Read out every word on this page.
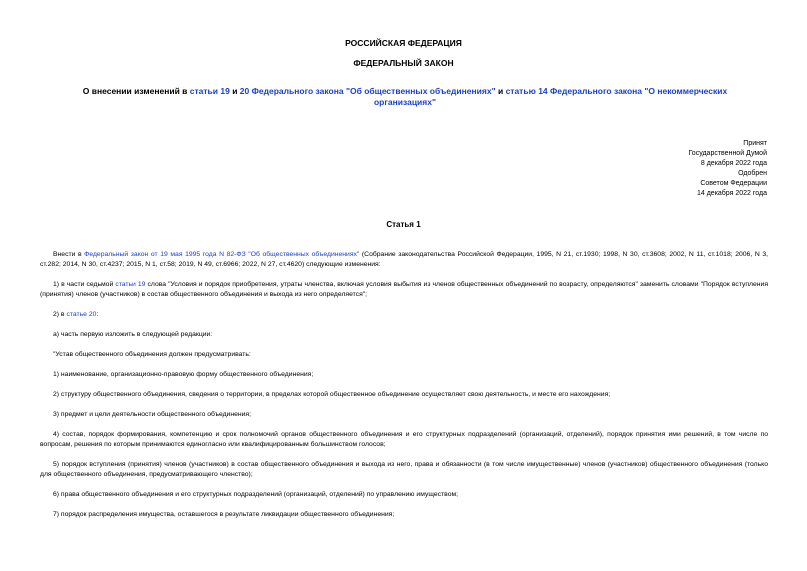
РОССИЙСКАЯ ФЕДЕРАЦИЯ
ФЕДЕРАЛЬНЫЙ ЗАКОН
О внесении изменений в статьи 19 и 20 Федерального закона "Об общественных объединениях" и статью 14 Федерального закона "О некоммерческих организациях"
Принят
Государственной Думой
8 декабря 2022 года
Одобрен
Советом Федерации
14 декабря 2022 года
Статья 1

Внести в Федеральный закон от 19 мая 1995 года N 82-ФЗ "Об общественных объединениях" (Собрание законодательства Российской Федерации, 1995, N 21, ст.1930; 1998, N 30, ст.3608; 2002, N 11, ст.1018; 2006, N 3, ст.282; 2014, N 30, ст.4237; 2015, N 1, ст.58; 2019, N 49, ст.6966; 2022, N 27, ст.4620) следующие изменения:

1) в части седьмой статьи 19 слова "Условия и порядок приобретения, утраты членства, включая условия выбытия из членов общественных объединений по возрасту, определяются" заменить словами "Порядок вступления (принятия) членов (участников) в состав общественного объединения и выхода из него определяется";

2) в статье 20:

а) часть первую изложить в следующей редакции:

"Устав общественного объединения должен предусматривать:

1) наименование, организационно-правовую форму общественного объединения;

2) структуру общественного объединения, сведения о территории, в пределах которой общественное объединение осуществляет свою деятельность, и месте его нахождения;

3) предмет и цели деятельности общественного объединения;

4) состав, порядок формирования, компетенцию и срок полномочий органов общественного объединения и его структурных подразделений (организаций, отделений), порядок принятия ими решений, в том числе по вопросам, решения по которым принимаются единогласно или квалифицированным большинством голосов;

5) порядок вступления (принятия) членов (участников) в состав общественного объединения и выхода из него, права и обязанности (в том числе имущественные) членов (участников) общественного объединения (только для общественного объединения, предусматривающего членство);

6) права общественного объединения и его структурных подразделений (организаций, отделений) по управлению имуществом;

7) порядок распределения имущества, оставшегося в результате ликвидации общественного объединения;
